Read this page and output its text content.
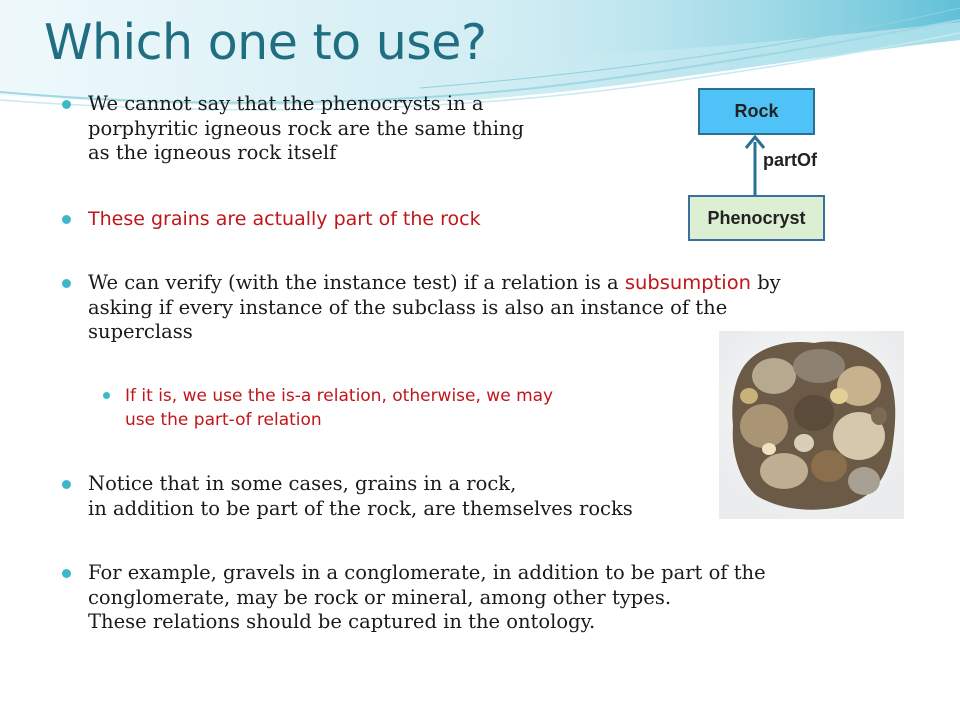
Which one to use?
We cannot say that the phenocrysts in a
porphyritic igneous rock are the same thing
as the igneous rock itself
These grains are actually part of the rock
We can verify (with the instance test) if a relation is a subsumption by
asking if every instance of the subclass is also an instance of the
superclass
If it is, we use the is-a relation, otherwise, we may
use the part-of relation
Notice that in some cases, grains in a rock,
in addition to be part of the rock, are themselves rocks
For example, gravels in a conglomerate, in addition to be part of the
conglomerate, may be rock or mineral, among other types.
These relations should be captured in the ontology.
Rock
partOf
Phenocryst
